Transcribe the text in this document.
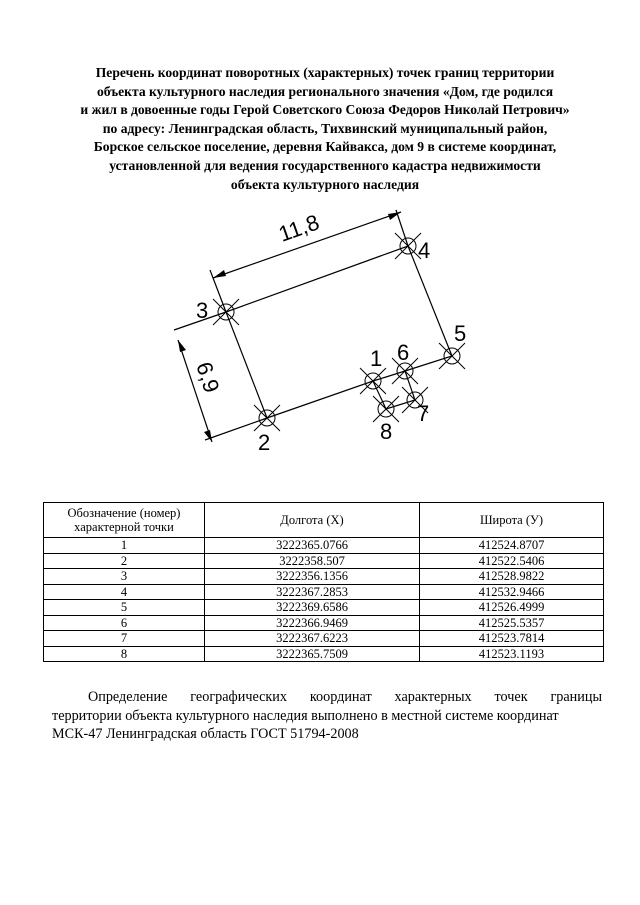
Перечень координат поворотных (характерных) точек границ территории
объекта культурного наследия регионального значения «Дом, где родился
и жил в довоенные годы Герой Советского Союза Федоров Николай Петрович»
по адресу: Ленинградская область, Тихвинский муниципальный район,
Борское сельское поселение, деревня Кайвакса, дом 9 в системе координат,
установленной для ведения государственного кадастра недвижимости
объекта культурного наследия
1
2
3
4
5
6
7
8
11,8
6,9
Обозначение (номер) характерной точки	Долгота (X)	Широта (У)
1	3222365.0766	412524.8707
2	3222358.507	412522.5406
3	3222356.1356	412528.9822
4	3222367.2853	412532.9466
5	3222369.6586	412526.4999
6	3222366.9469	412525.5357
7	3222367.6223	412523.7814
8	3222365.7509	412523.1193
Определение географических координат характерных точек границы
территории объекта культурного наследия выполнено в местной системе координат
МСК-47 Ленинградская область ГОСТ 51794-2008
